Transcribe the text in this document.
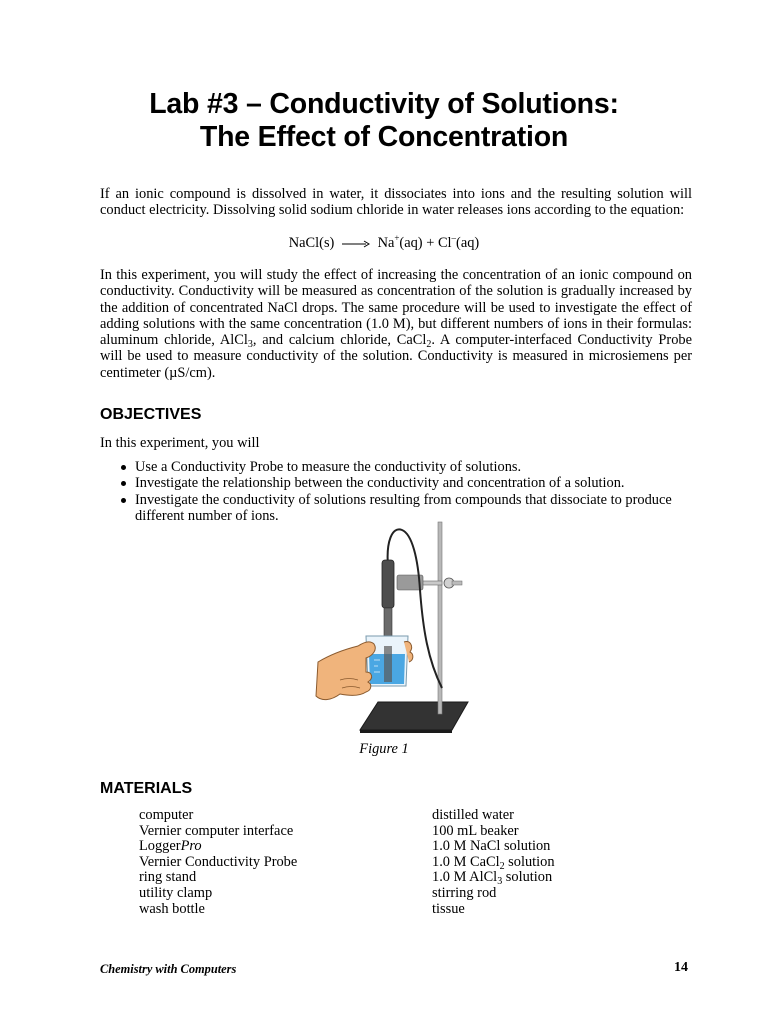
Lab #3 – Conductivity of Solutions:
The Effect of Concentration
If an ionic compound is dissolved in water, it dissociates into ions and the resulting solution will conduct electricity. Dissolving solid sodium chloride in water releases ions according to the equation:
NaCl(s)	Na+(aq) + Cl–(aq)
In this experiment, you will study the effect of increasing the concentration of an ionic compound on conductivity. Conductivity will be measured as concentration of the solution is gradually increased by the addition of concentrated NaCl drops. The same procedure will be used to investigate the effect of adding solutions with the same concentration (1.0 M), but different numbers of ions in their formulas: aluminum chloride, AlCl$_3$, and calcium chloride, CaCl$_2$. A computer-interfaced Conductivity Probe will be used to measure conductivity of the solution. Conductivity is measured in microsiemens per centimeter (µS/cm).
OBJECTIVES
In this experiment, you will
Use a Conductivity Probe to measure the conductivity of solutions.
Investigate the relationship between the conductivity and concentration of a solution.
Investigate the conductivity of solutions resulting from compounds that dissociate to produce different number of ions.
Figure 1
MATERIALS
computer
Vernier computer interface
LoggerPro
Vernier Conductivity Probe
ring stand
utility clamp
wash bottle
distilled water
100 mL beaker
1.0 M NaCl solution
1.0 M CaCl$_2$ solution
1.0 M AlCl$_3$ solution
stirring rod
tissue
Chemistry with Computers	14
